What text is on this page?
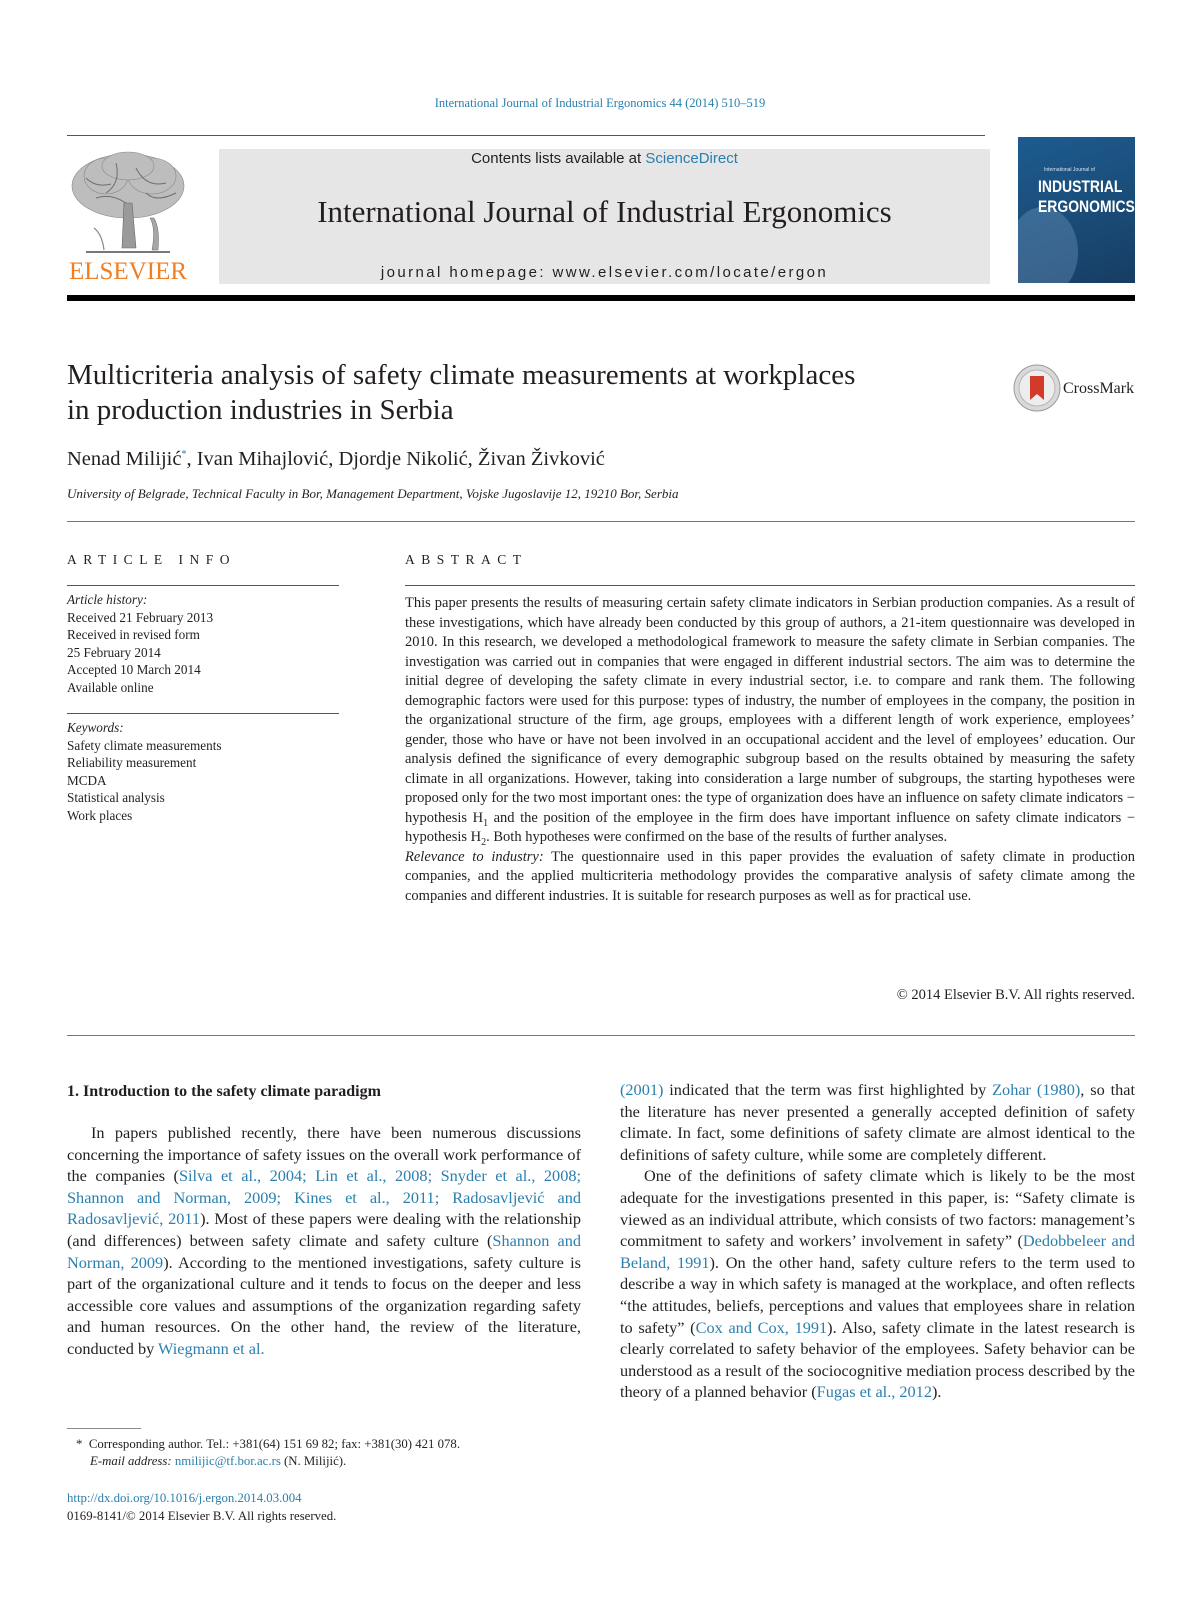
International Journal of Industrial Ergonomics 44 (2014) 510–519
ELSEVIER
Contents lists available at ScienceDirect
International Journal of Industrial Ergonomics
journal homepage: www.elsevier.com/locate/ergon
International Journal of
INDUSTRIAL
ERGONOMICS
Multicriteria analysis of safety climate measurements at workplaces
in production industries in Serbia
CrossMark
Nenad Milijić*, Ivan Mihajlović, Djordje Nikolić, Živan Živković
University of Belgrade, Technical Faculty in Bor, Management Department, Vojske Jugoslavije 12, 19210 Bor, Serbia
ARTICLE INFO
Article history:
Received 21 February 2013
Received in revised form
25 February 2014
Accepted 10 March 2014
Available online
Keywords:
Safety climate measurements
Reliability measurement
MCDA
Statistical analysis
Work places
ABSTRACT

This paper presents the results of measuring certain safety climate indicators in Serbian production companies. As a result of these investigations, which have already been conducted by this group of authors, a 21-item questionnaire was developed in 2010. In this research, we developed a methodological framework to measure the safety climate in Serbian companies. The investigation was carried out in companies that were engaged in different industrial sectors. The aim was to determine the initial degree of developing the safety climate in every industrial sector, i.e. to compare and rank them. The following demographic factors were used for this purpose: types of industry, the number of employees in the company, the position in the organizational structure of the firm, age groups, employees with a different length of work experience, employees’ gender, those who have or have not been involved in an occupational accident and the level of employees’ education. Our analysis defined the significance of every demographic subgroup based on the results obtained by measuring the safety climate in all organizations. However, taking into consideration a large number of subgroups, the starting hypotheses were proposed only for the two most important ones: the type of organization does have an influence on safety climate indicators − hypothesis $H_1$ and the position of the employee in the firm does have important influence on safety climate indicators − hypothesis $H_2$. Both hypotheses were confirmed on the base of the results of further analyses.

Relevance to industry: The questionnaire used in this paper provides the evaluation of safety climate in production companies, and the applied multicriteria methodology provides the comparative analysis of safety climate among the companies and different industries. It is suitable for research purposes as well as for practical use.

© 2014 Elsevier B.V. All rights reserved.
1. Introduction to the safety climate paradigm

In papers published recently, there have been numerous discussions concerning the importance of safety issues on the overall work performance of the companies (Silva et al., 2004; Lin et al., 2008; Snyder et al., 2008; Shannon and Norman, 2009; Kines et al., 2011; Radosavljević and Radosavljević, 2011). Most of these papers were dealing with the relationship (and differences) between safety climate and safety culture (Shannon and Norman, 2009). According to the mentioned investigations, safety culture is part of the organizational culture and it tends to focus on the deeper and less accessible core values and assumptions of the organization regarding safety and human resources. On the other hand, the review of the literature, conducted by Wiegmann et al.

(2001) indicated that the term was first highlighted by Zohar (1980), so that the literature has never presented a generally accepted definition of safety climate. In fact, some definitions of safety climate are almost identical to the definitions of safety culture, while some are completely different.

One of the definitions of safety climate which is likely to be the most adequate for the investigations presented in this paper, is: “Safety climate is viewed as an individual attribute, which consists of two factors: management’s commitment to safety and workers’ involvement in safety” (Dedobbeleer and Beland, 1991). On the other hand, safety culture refers to the term used to describe a way in which safety is managed at the workplace, and often reflects “the attitudes, beliefs, perceptions and values that employees share in relation to safety” (Cox and Cox, 1991). Also, safety climate in the latest research is clearly correlated to safety behavior of the employees. Safety behavior can be understood as a result of the sociocognitive mediation process described by the theory of a planned behavior (Fugas et al., 2012).

* Corresponding author. Tel.: +381(64) 151 69 82; fax: +381(30) 421 078.
E-mail address: nmilijic@tf.bor.ac.rs (N. Milijić).
http://dx.doi.org/10.1016/j.ergon.2014.03.004
0169-8141/© 2014 Elsevier B.V. All rights reserved.
